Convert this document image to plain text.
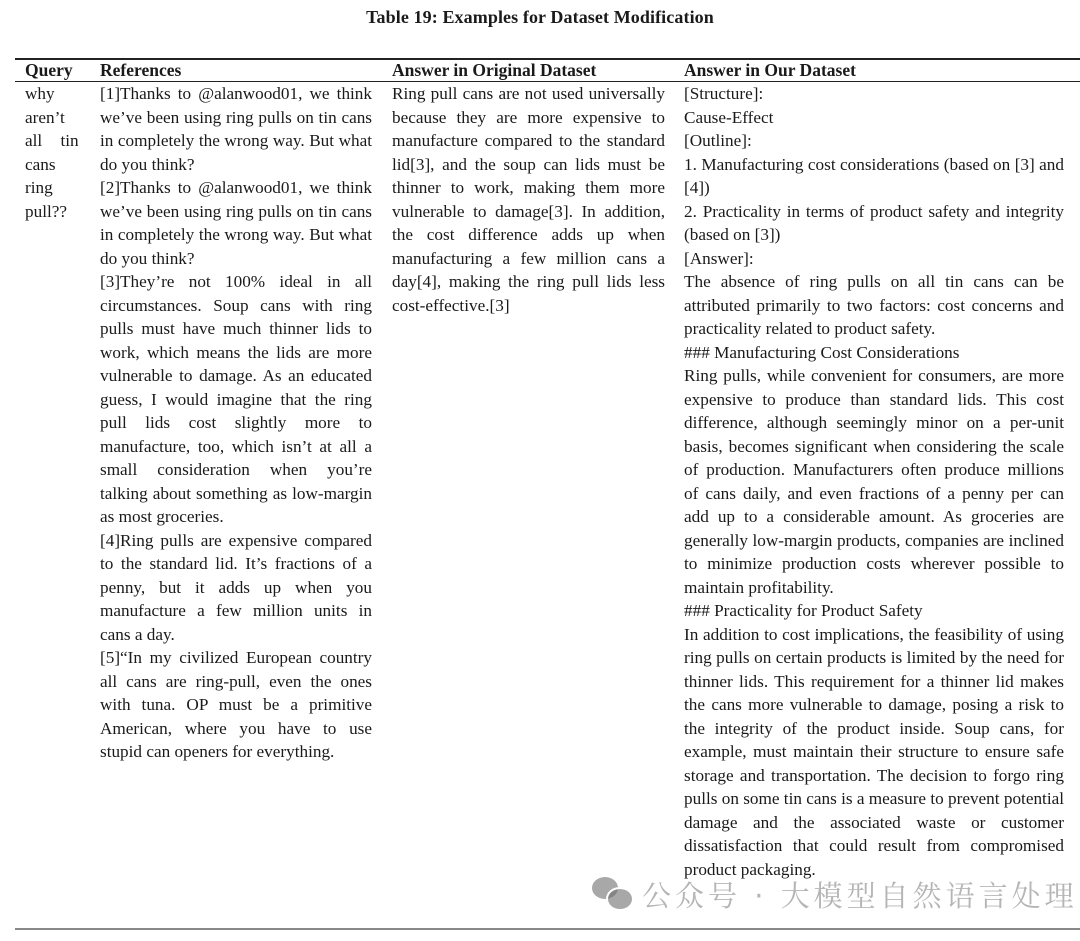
Table 19: Examples for Dataset Modification
Query References	Answer in Original Dataset	Answer in Our Dataset
why
aren’t
all tin
cans
ring
pull??
[1]Thanks to @alanwood01, we think we’ve been using ring pulls on tin cans in completely the wrong way. But what do you think?
[2]Thanks to @alanwood01, we think we’ve been using ring pulls on tin cans in completely the wrong way. But what do you think?
[3]They’re not 100% ideal in all circumstances. Soup cans with ring pulls must have much thinner lids to work, which means the lids are more vulnerable to damage. As an educated guess, I would imagine that the ring pull lids cost slightly more to manufacture, too, which isn’t at all a small consideration when you’re talking about something as low-margin as most groceries.
[4]Ring pulls are expensive compared to the standard lid. It’s fractions of a penny, but it adds up when you manufacture a few million units in cans a day.
[5]“In my civilized European country all cans are ring-pull, even the ones with tuna. OP must be a primitive American, where you have to use stupid can openers for everything.
Ring pull cans are not used universally because they are more expensive to manufacture compared to the standard lid[3], and the soup can lids must be thinner to work, making them more vulnerable to damage[3]. In addition, the cost difference adds up when manufacturing a few million cans a day[4], making the ring pull lids less cost-effective.[3]
[Structure]:
Cause-Effect
[Outline]:
1. Manufacturing cost considerations (based on [3] and [4])
2. Practicality in terms of product safety and integrity (based on [3])
[Answer]:
The absence of ring pulls on all tin cans can be attributed primarily to two factors: cost concerns and practicality related to product safety.
### Manufacturing Cost Considerations
Ring pulls, while convenient for consumers, are more expensive to produce than standard lids. This cost difference, although seemingly minor on a per-unit basis, becomes significant when considering the scale of production. Manufacturers often produce millions of cans daily, and even fractions of a penny per can add up to a considerable amount. As groceries are generally low-margin products, companies are inclined to minimize production costs wherever possible to maintain profitability.
### Practicality for Product Safety
In addition to cost implications, the feasibility of using ring pulls on certain products is limited by the need for thinner lids. This requirement for a thinner lid makes the cans more vulnerable to damage, posing a risk to the integrity of the product inside. Soup cans, for example, must maintain their structure to ensure safe storage and transportation. The decision to forgo ring pulls on some tin cans is a measure to prevent potential damage and the associated waste or customer dissatisfaction that could result from compromised product packaging.
公众号 · 大模型自然语言处理
